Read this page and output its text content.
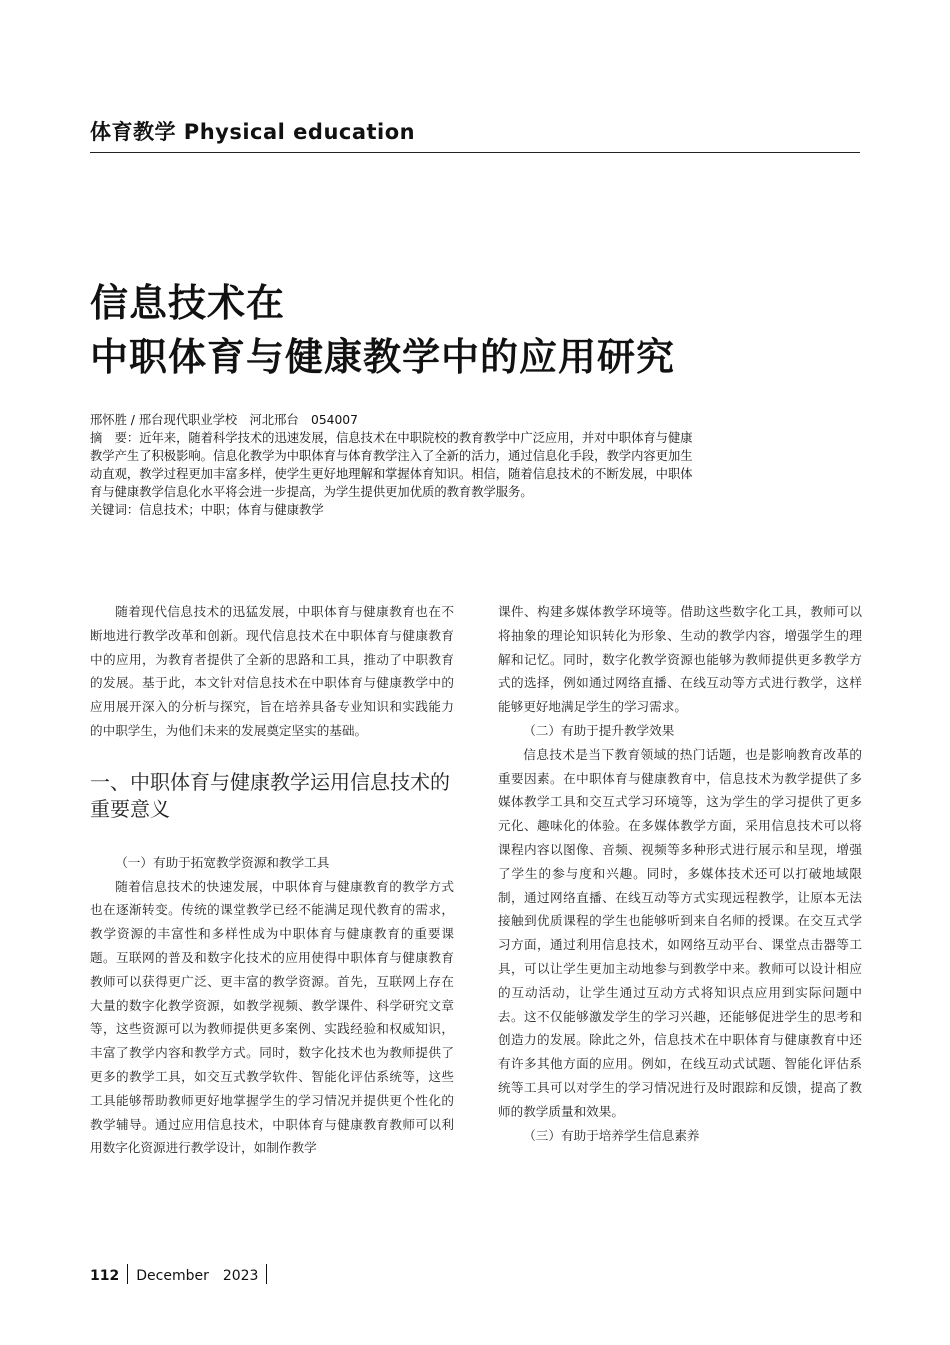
体育教学 Physical education
信息技术在
中职体育与健康教学中的应用研究

邢怀胜 / 邢台现代职业学校　河北邢台　054007

摘　要：近年来，随着科学技术的迅速发展，信息技术在中职院校的教育教学中广泛应用，并对中职体育与健康教学产生了积极影响。信息化教学为中职体育与体育教学注入了全新的活力，通过信息化手段，教学内容更加生动直观，教学过程更加丰富多样，使学生更好地理解和掌握体育知识。相信，随着信息技术的不断发展，中职体育与健康教学信息化水平将会进一步提高，为学生提供更加优质的教育教学服务。

关键词：信息技术；中职；体育与健康教学

随着现代信息技术的迅猛发展，中职体育与健康教育也在不断地进行教学改革和创新。现代信息技术在中职体育与健康教育中的应用，为教育者提供了全新的思路和工具，推动了中职教育的发展。基于此，本文针对信息技术在中职体育与健康教学中的应用展开深入的分析与探究，旨在培养具备专业知识和实践能力的中职学生，为他们未来的发展奠定坚实的基础。

一、中职体育与健康教学运用信息技术的重要意义

（一）有助于拓宽教学资源和教学工具

随着信息技术的快速发展，中职体育与健康教育的教学方式也在逐渐转变。传统的课堂教学已经不能满足现代教育的需求，教学资源的丰富性和多样性成为中职体育与健康教育的重要课题。互联网的普及和数字化技术的应用使得中职体育与健康教育教师可以获得更广泛、更丰富的教学资源。首先，互联网上存在大量的数字化教学资源，如教学视频、教学课件、科学研究文章等，这些资源可以为教师提供更多案例、实践经验和权威知识，丰富了教学内容和教学方式。同时，数字化技术也为教师提供了更多的教学工具，如交互式教学软件、智能化评估系统等，这些工具能够帮助教师更好地掌握学生的学习情况并提供更个性化的教学辅导。通过应用信息技术，中职体育与健康教育教师可以利用数字化资源进行教学设计，如制作教学

课件、构建多媒体教学环境等。借助这些数字化工具，教师可以将抽象的理论知识转化为形象、生动的教学内容，增强学生的理解和记忆。同时，数字化教学资源也能够为教师提供更多教学方式的选择，例如通过网络直播、在线互动等方式进行教学，这样能够更好地满足学生的学习需求。

（二）有助于提升教学效果

信息技术是当下教育领域的热门话题，也是影响教育改革的重要因素。在中职体育与健康教育中，信息技术为教学提供了多媒体教学工具和交互式学习环境等，这为学生的学习提供了更多元化、趣味化的体验。在多媒体教学方面，采用信息技术可以将课程内容以图像、音频、视频等多种形式进行展示和呈现，增强了学生的参与度和兴趣。同时，多媒体技术还可以打破地域限制，通过网络直播、在线互动等方式实现远程教学，让原本无法接触到优质课程的学生也能够听到来自名师的授课。在交互式学习方面，通过利用信息技术，如网络互动平台、课堂点击器等工具，可以让学生更加主动地参与到教学中来。教师可以设计相应的互动活动，让学生通过互动方式将知识点应用到实际问题中去。这不仅能够激发学生的学习兴趣，还能够促进学生的思考和创造力的发展。除此之外，信息技术在中职体育与健康教育中还有许多其他方面的应用。例如，在线互动式试题、智能化评估系统等工具可以对学生的学习情况进行及时跟踪和反馈，提高了教师的教学质量和效果。

（三）有助于培养学生信息素养

112 December　2023
